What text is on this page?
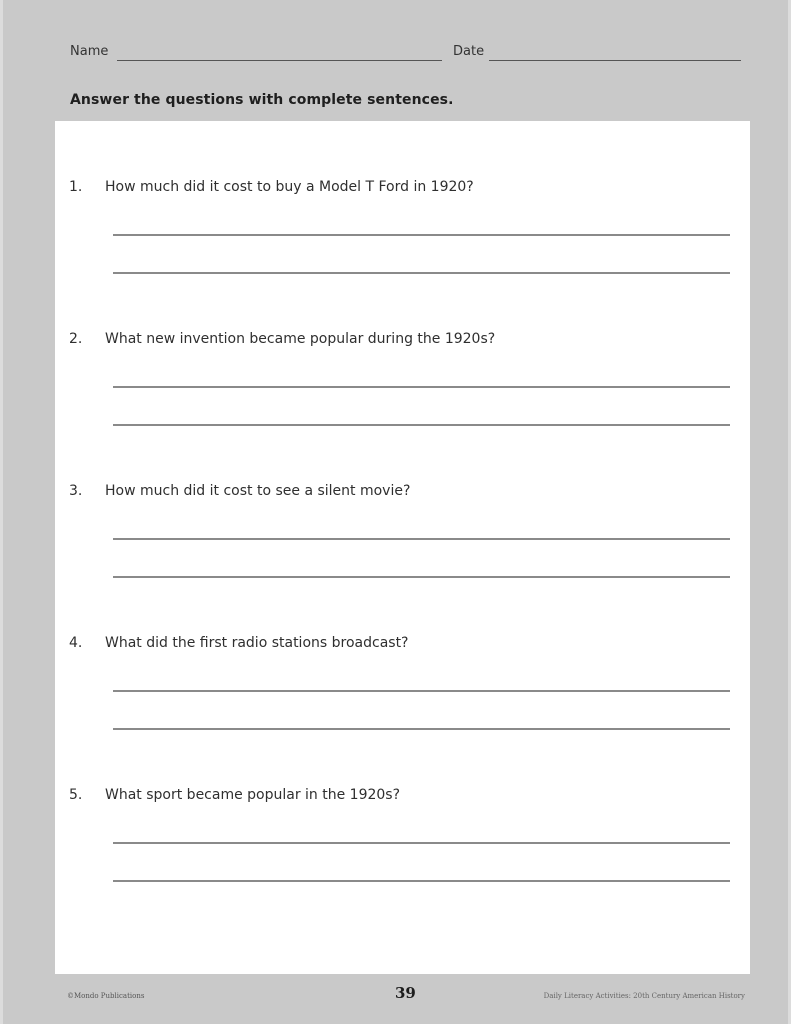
Name	Date
Answer the questions with complete sentences.
1. How much did it cost to buy a Model T Ford in 1920?
2. What new invention became popular during the 1920s?
3. How much did it cost to see a silent movie?
4. What did the first radio stations broadcast?
5. What sport became popular in the 1920s?
©Mondo Publications	39	Daily Literacy Activities: 20th Century American History
